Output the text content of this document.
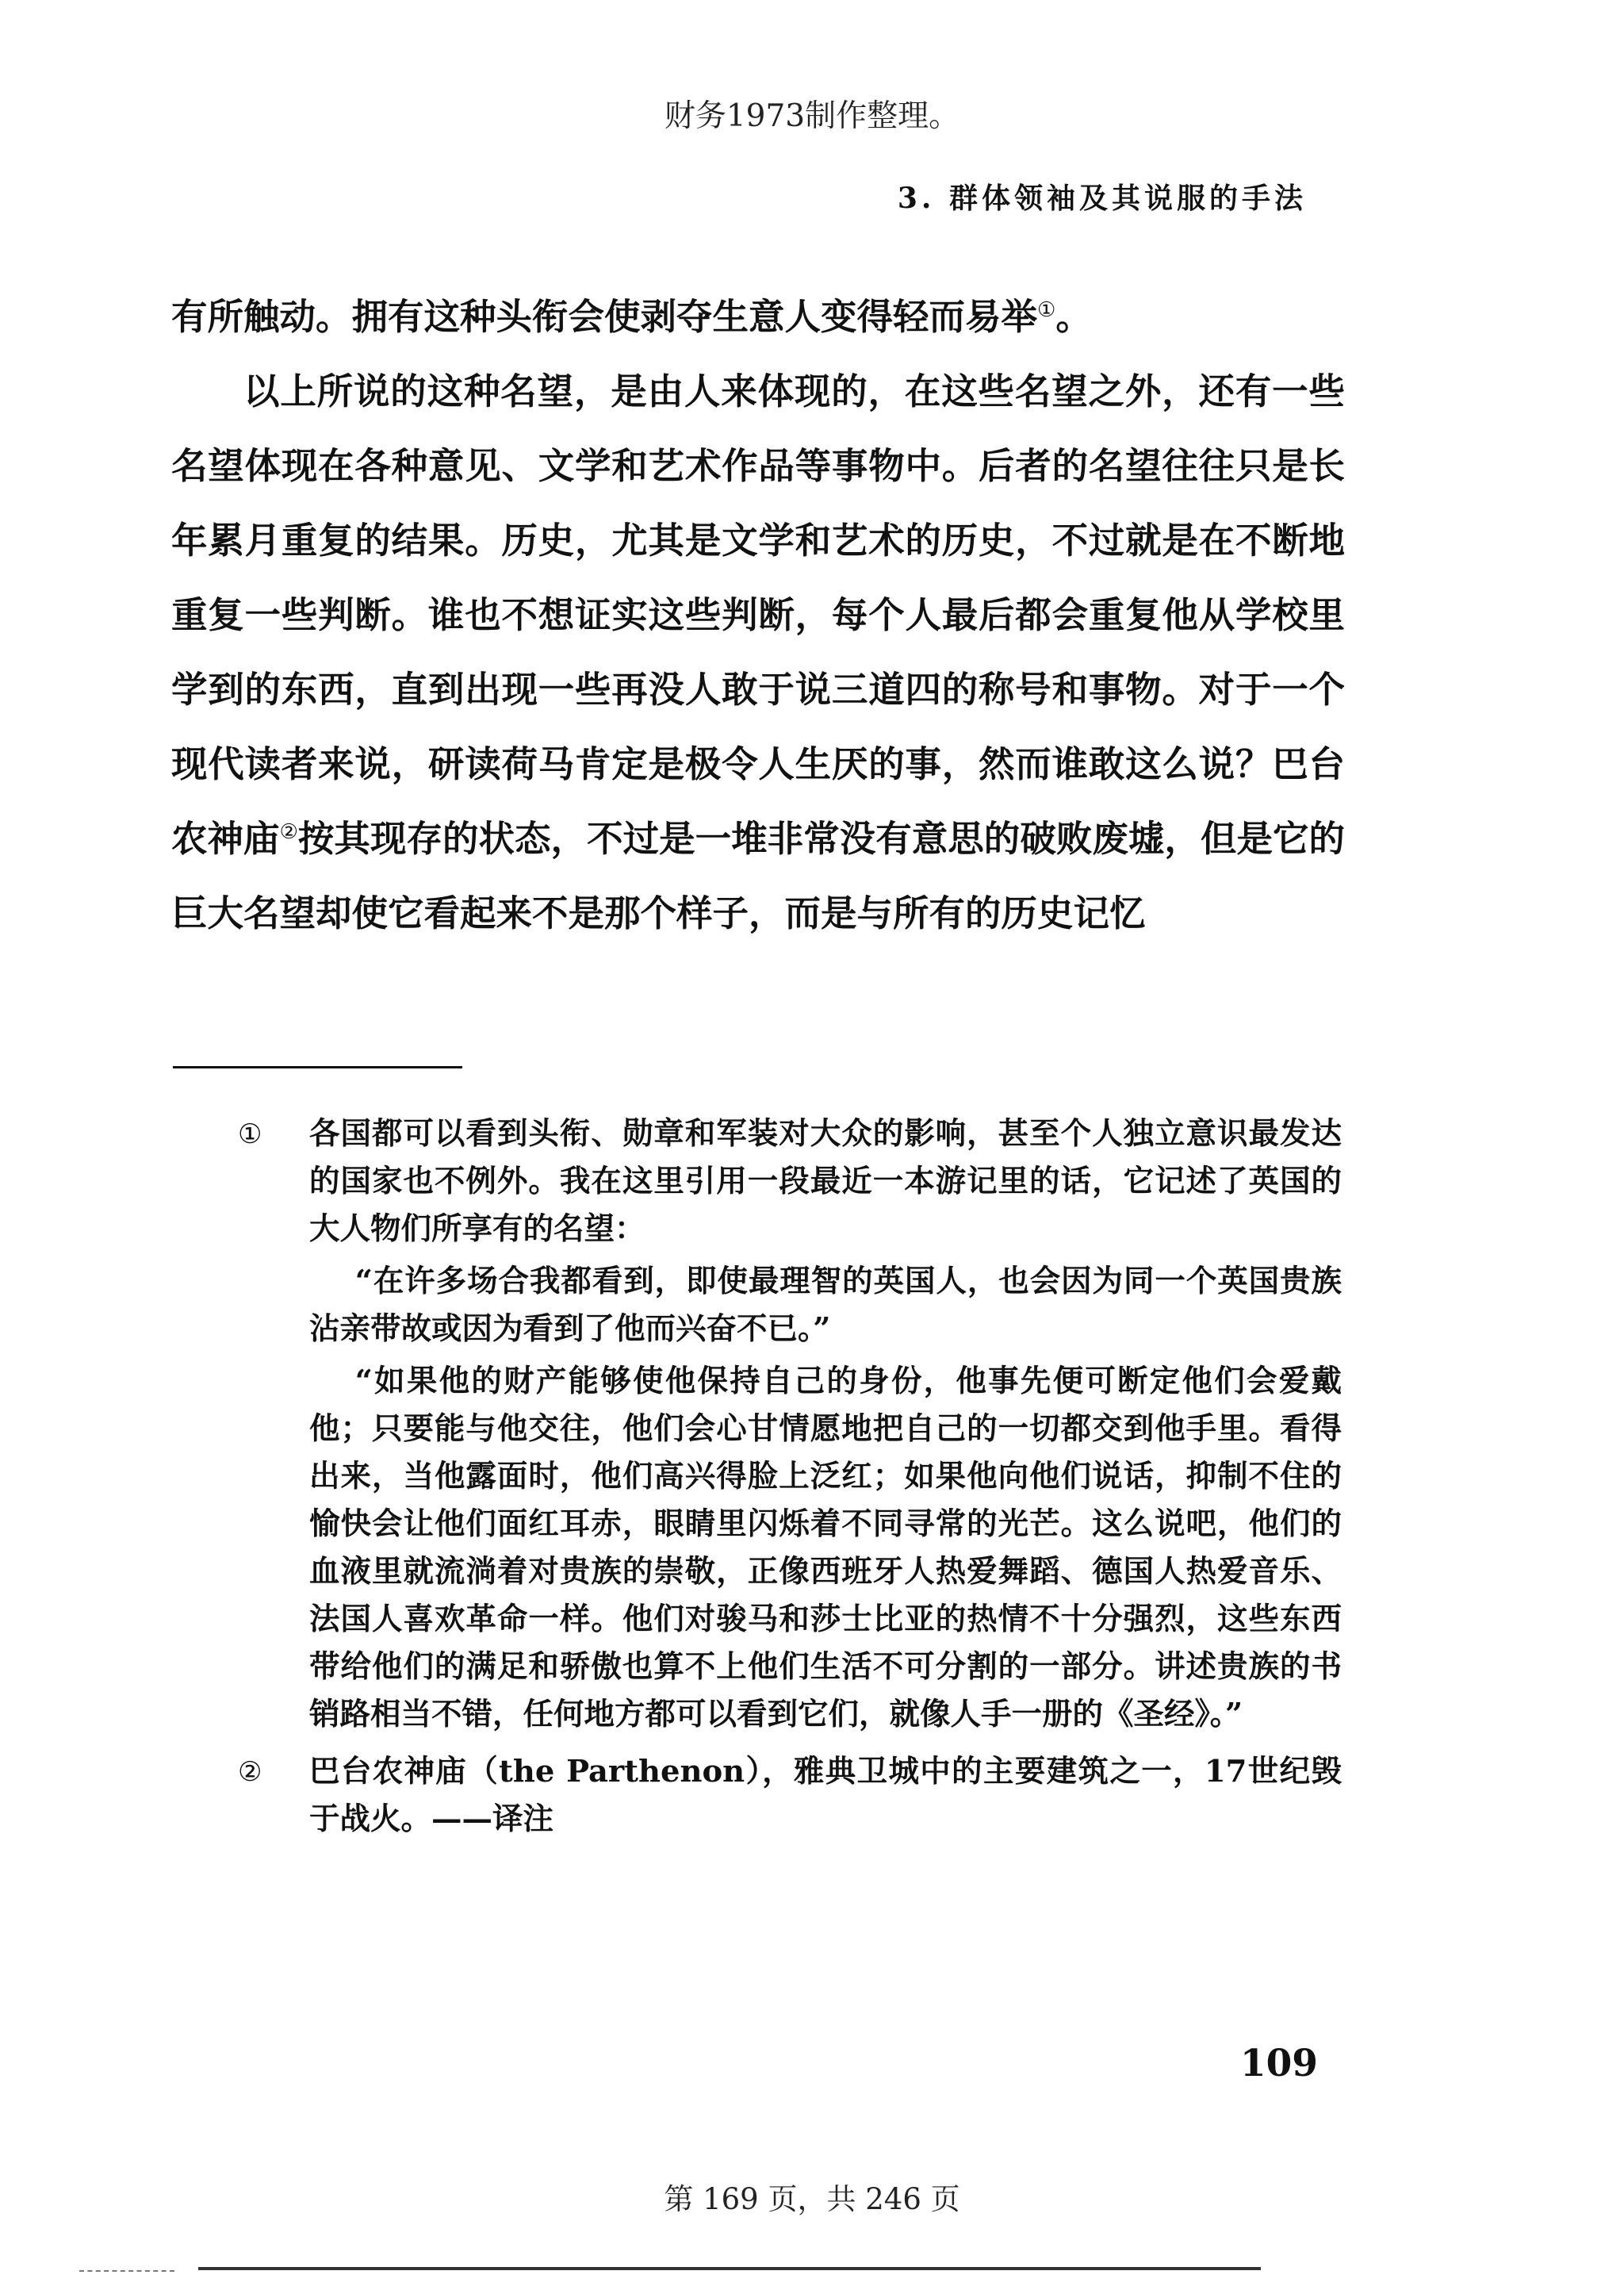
财务1973制作整理。
3. 群体领袖及其说服的手法

有所触动。拥有这种头衔会使剥夺生意人变得轻而易举①。

以上所说的这种名望，是由人来体现的，在这些名望之外，还有一些名望体现在各种意见、文学和艺术作品等事物中。后者的名望往往只是长年累月重复的结果。历史，尤其是文学和艺术的历史，不过就是在不断地重复一些判断。谁也不想证实这些判断，每个人最后都会重复他从学校里学到的东西，直到出现一些再没人敢于说三道四的称号和事物。对于一个现代读者来说，研读荷马肯定是极令人生厌的事，然而谁敢这么说？巴台农神庙②按其现存的状态，不过是一堆非常没有意思的破败废墟，但是它的巨大名望却使它看起来不是那个样子，而是与所有的历史记忆

① 各国都可以看到头衔、勋章和军装对大众的影响，甚至个人独立意识最发达的国家也不例外。我在这里引用一段最近一本游记里的话，它记述了英国的大人物们所享有的名望：

“在许多场合我都看到，即使最理智的英国人，也会因为同一个英国贵族沾亲带故或因为看到了他而兴奋不已。”

“如果他的财产能够使他保持自己的身份，他事先便可断定他们会爱戴他；只要能与他交往，他们会心甘情愿地把自己的一切都交到他手里。看得出来，当他露面时，他们高兴得脸上泛红；如果他向他们说话，抑制不住的愉快会让他们面红耳赤，眼睛里闪烁着不同寻常的光芒。这么说吧，他们的血液里就流淌着对贵族的崇敬，正像西班牙人热爱舞蹈、德国人热爱音乐、法国人喜欢革命一样。他们对骏马和莎士比亚的热情不十分强烈，这些东西带给他们的满足和骄傲也算不上他们生活不可分割的一部分。讲述贵族的书销路相当不错，任何地方都可以看到它们，就像人手一册的《圣经》。”

② 巴台农神庙（the Parthenon），雅典卫城中的主要建筑之一，17世纪毁于战火。——译注

109
第 169 页，共 246 页
